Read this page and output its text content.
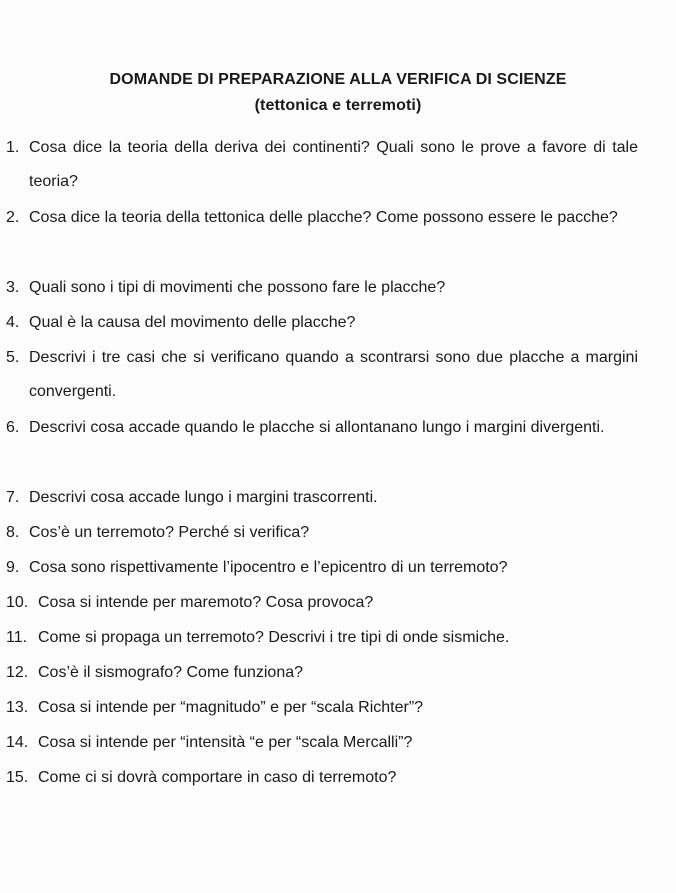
DOMANDE DI PREPARAZIONE ALLA VERIFICA DI SCIENZE
(tettonica e terremoti)
1. Cosa dice la teoria della deriva dei continenti? Quali sono le prove a favore di tale teoria?
2. Cosa dice la teoria della tettonica delle placche? Come possono essere le pacche?
3. Quali sono i tipi di movimenti che possono fare le placche?
4. Qual è la causa del movimento delle placche?
5. Descrivi i tre casi che si verificano quando a scontrarsi sono due placche a margini convergenti.
6. Descrivi cosa accade quando le placche si allontanano lungo i margini divergenti.
7. Descrivi cosa accade lungo i margini trascorrenti.
8. Cos’è un terremoto? Perché si verifica?
9. Cosa sono rispettivamente l’ipocentro e l’epicentro di un terremoto?
10. Cosa si intende per maremoto? Cosa provoca?
11. Come si propaga un terremoto? Descrivi i tre tipi di onde sismiche.
12. Cos’è il sismografo? Come funziona?
13. Cosa si intende per “magnitudo” e per “scala Richter”?
14. Cosa si intende per “intensità “e per “scala Mercalli”?
15. Come ci si dovrà comportare in caso di terremoto?
